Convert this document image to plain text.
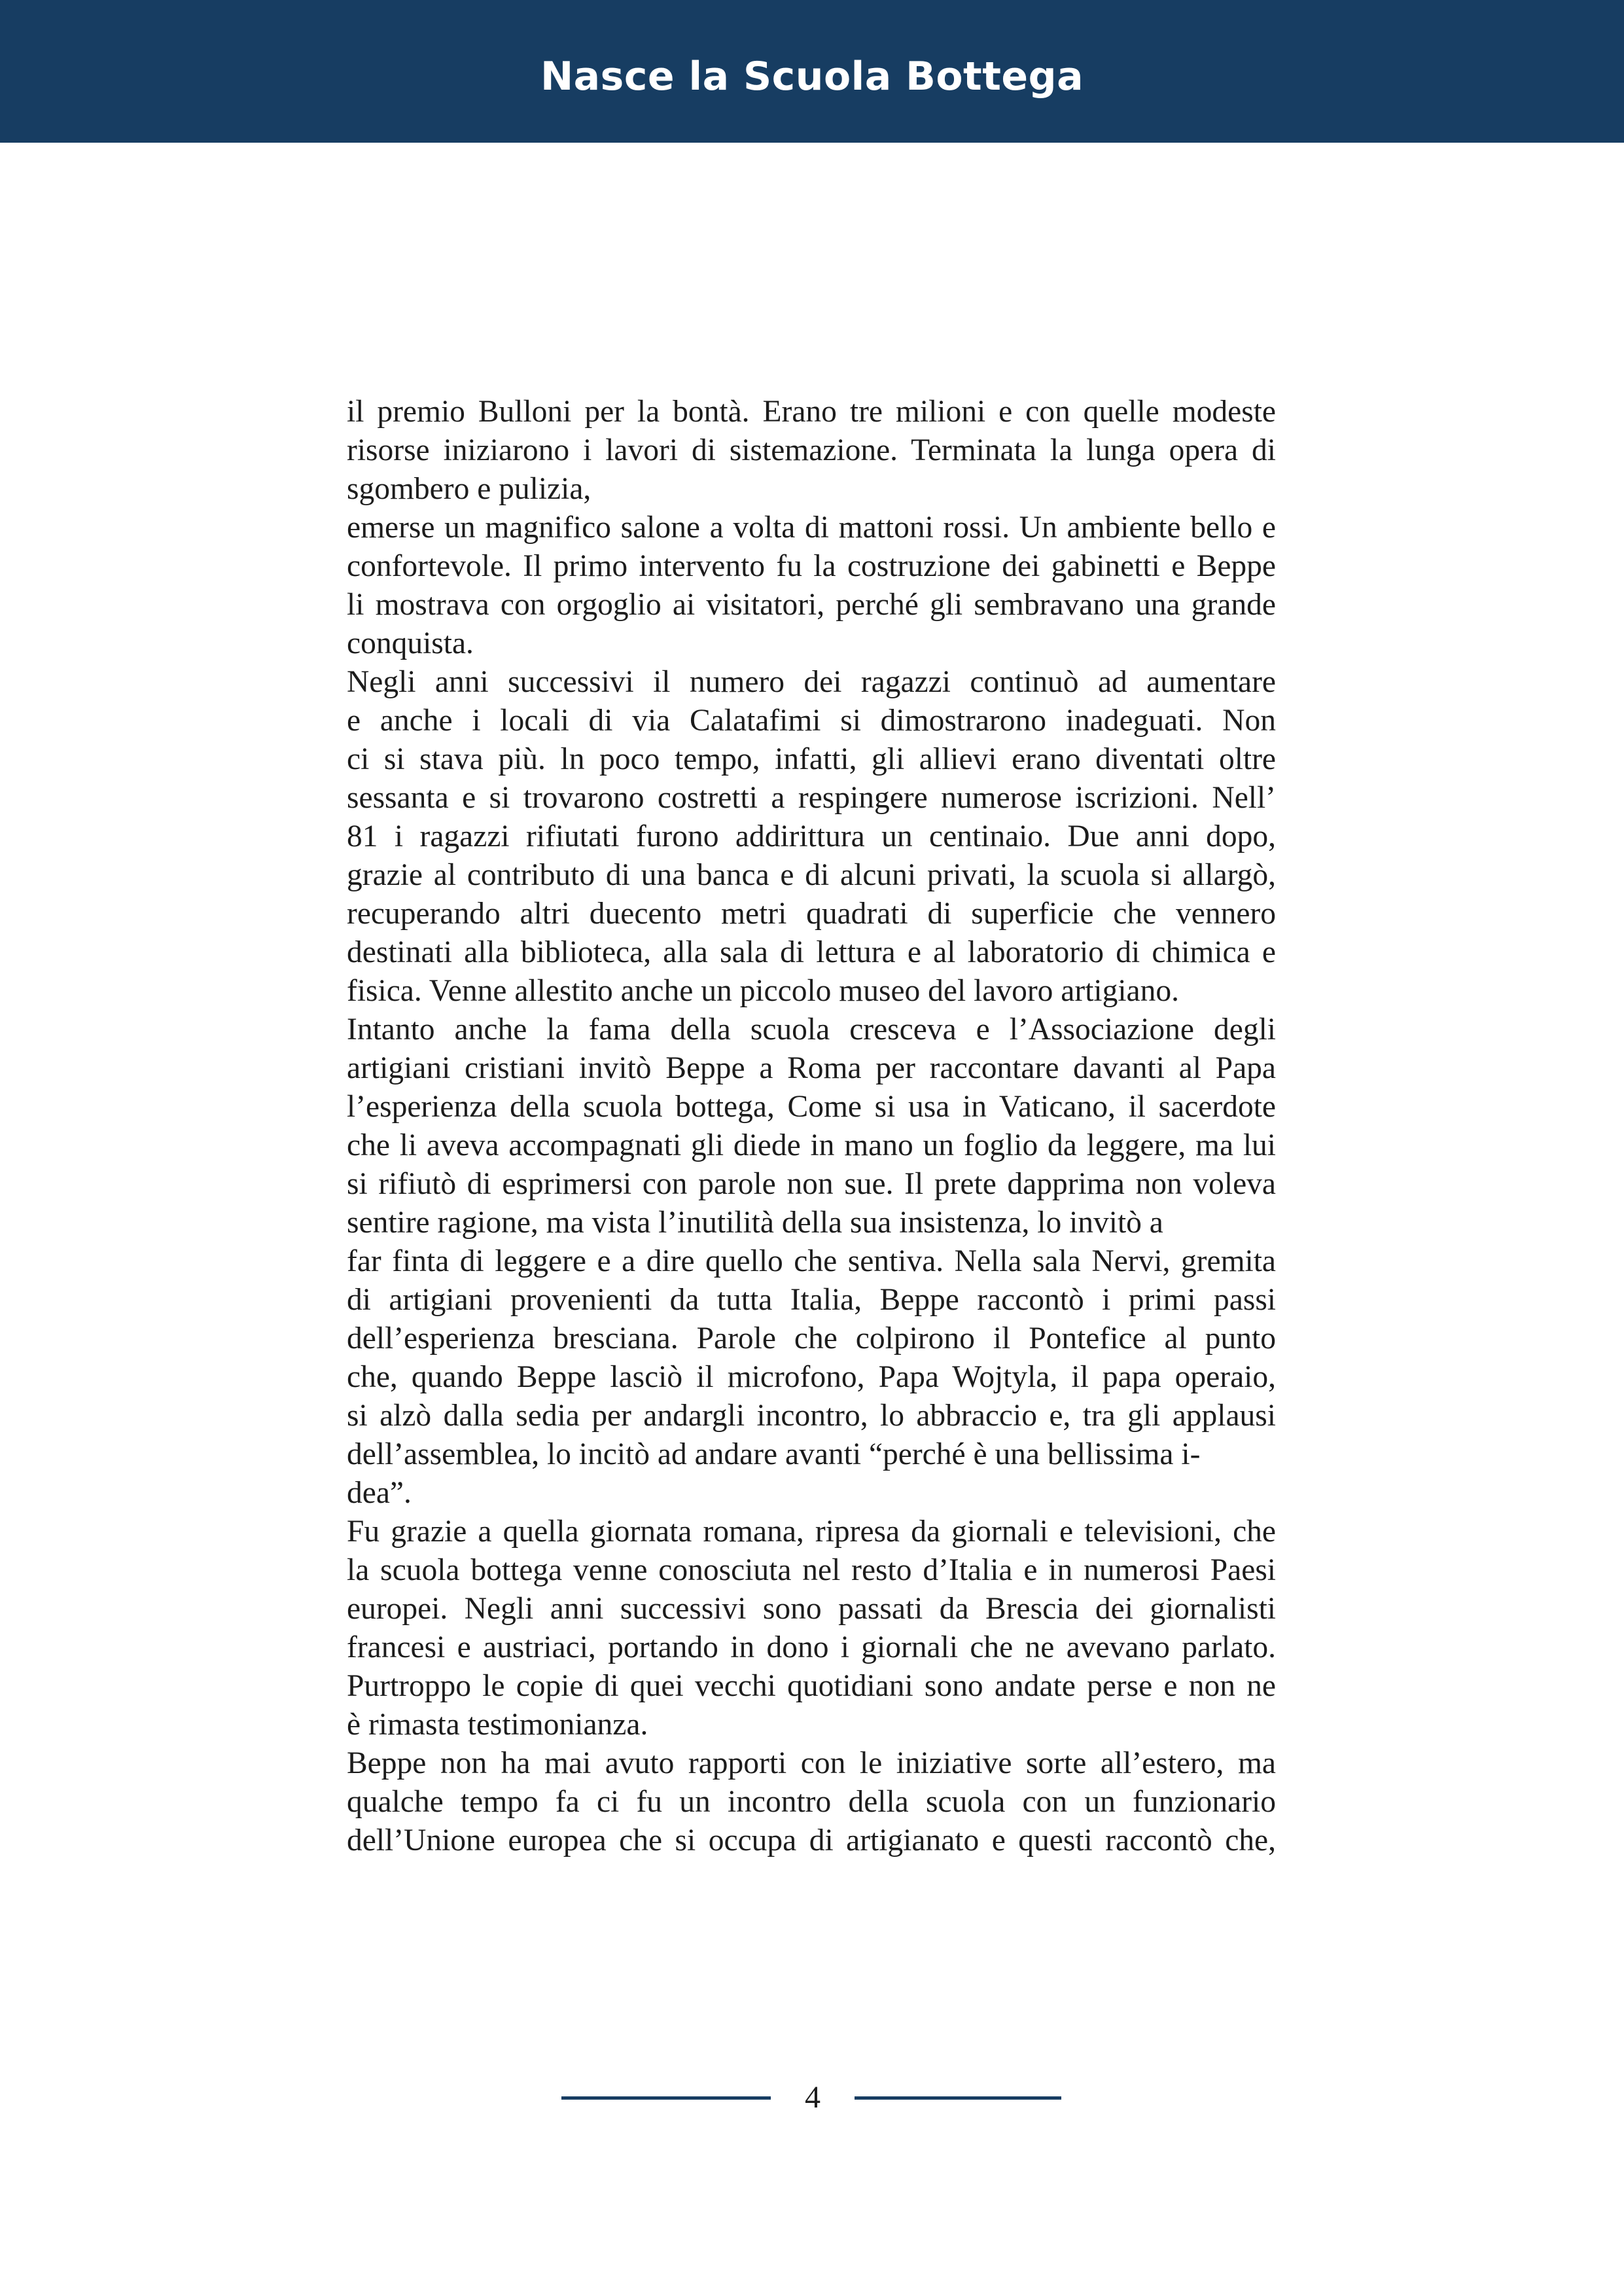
Nasce la Scuola Bottega
il premio Bulloni per la bontà. Erano tre milioni e con quelle modeste
risorse iniziarono i lavori di sistemazione. Terminata la lunga opera di
sgombero e pulizia,
emerse un magnifico salone a volta di mattoni rossi. Un ambiente bello e
confortevole. Il primo intervento fu la costruzione dei gabinetti e Beppe
li mostrava con orgoglio ai visitatori, perché gli sembravano una grande
conquista.
Negli anni successivi il numero dei ragazzi continuò ad aumentare
e anche i locali di via Calatafimi si dimostrarono inadeguati. Non
ci si stava più. ln poco tempo, infatti, gli allievi erano diventati oltre
sessanta e si trovarono costretti a respingere numerose iscrizioni. Nell’
81 i ragazzi rifiutati furono addirittura un centinaio. Due anni dopo,
grazie al contributo di una banca e di alcuni privati, la scuola si allargò,
recuperando altri duecento metri quadrati di superficie che vennero
destinati alla biblioteca, alla sala di lettura e al laboratorio di chimica e
fisica. Venne allestito anche un piccolo museo del lavoro artigiano.
Intanto anche la fama della scuola cresceva e l’Associazione degli
artigiani cristiani invitò Beppe a Roma per raccontare davanti al Papa
l’esperienza della scuola bottega, Come si usa in Vaticano, il sacerdote
che li aveva accompagnati gli diede in mano un foglio da leggere, ma lui
si rifiutò di esprimersi con parole non sue. Il prete dapprima non voleva
sentire ragione, ma vista l’inutilità della sua insistenza, lo invitò a
far finta di leggere e a dire quello che sentiva. Nella sala Nervi, gremita
di artigiani provenienti da tutta Italia, Beppe raccontò i primi passi
dell’esperienza bresciana. Parole che colpirono il Pontefice al punto
che, quando Beppe lasciò il microfono, Papa Wojtyla, il papa operaio,
si alzò dalla sedia per andargli incontro, lo abbraccio e, tra gli applausi
dell’assemblea, lo incitò ad andare avanti “perché è una bellissima i-
dea”.
Fu grazie a quella giornata romana, ripresa da giornali e televisioni, che
la scuola bottega venne conosciuta nel resto d’Italia e in numerosi Paesi
europei. Negli anni successivi sono passati da Brescia dei giornalisti
francesi e austriaci, portando in dono i giornali che ne avevano parlato.
Purtroppo le copie di quei vecchi quotidiani sono andate perse e non ne
è rimasta testimonianza.
Beppe non ha mai avuto rapporti con le iniziative sorte all’estero, ma
qualche tempo fa ci fu un incontro della scuola con un funzionario
dell’Unione europea che si occupa di artigianato e questi raccontò che,
4
